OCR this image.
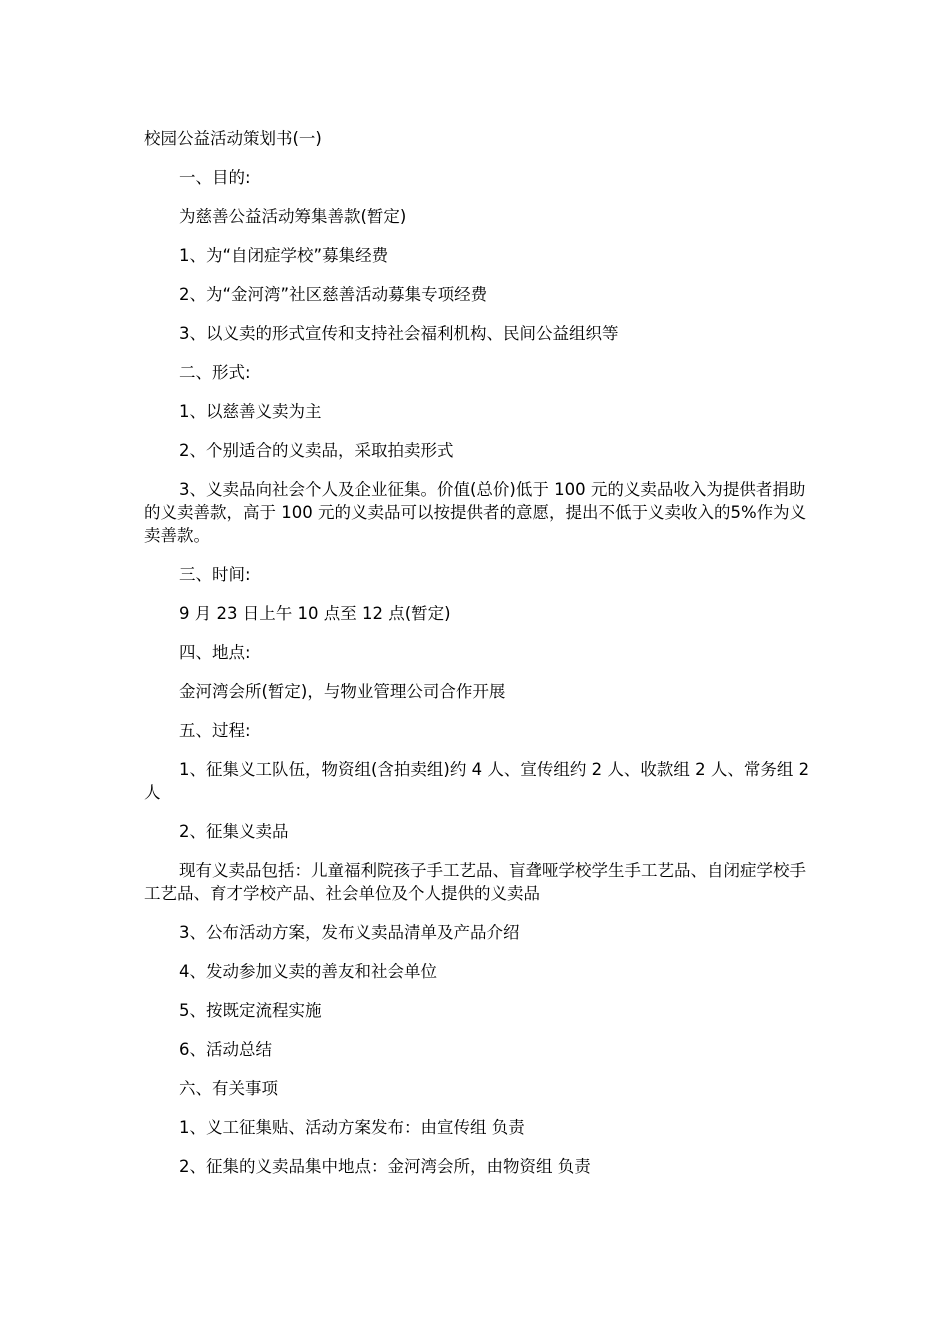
校园公益活动策划书(一)

一、目的:

为慈善公益活动筹集善款(暂定)

1、为“自闭症学校”募集经费

2、为“金河湾”社区慈善活动募集专项经费

3、以义卖的形式宣传和支持社会福利机构、民间公益组织等

二、形式:

1、以慈善义卖为主

2、个别适合的义卖品，采取拍卖形式

3、义卖品向社会个人及企业征集。价值(总价)低于 100 元的义卖品收入为提供者捐助的义卖善款，高于 100 元的义卖品可以按提供者的意愿，提出不低于义卖收入的5%作为义卖善款。

三、时间:

9 月 23 日上午 10 点至 12 点(暂定)

四、地点:

金河湾会所(暂定)，与物业管理公司合作开展

五、过程:

1、征集义工队伍，物资组(含拍卖组)约 4 人、宣传组约 2 人、收款组 2 人、常务组 2 人

2、征集义卖品

现有义卖品包括：儿童福利院孩子手工艺品、盲聋哑学校学生手工艺品、自闭症学校手工艺品、育才学校产品、社会单位及个人提供的义卖品

3、公布活动方案，发布义卖品清单及产品介绍

4、发动参加义卖的善友和社会单位

5、按既定流程实施

6、活动总结

六、有关事项

1、义工征集贴、活动方案发布：由宣传组 负责

2、征集的义卖品集中地点：金河湾会所，由物资组 负责
